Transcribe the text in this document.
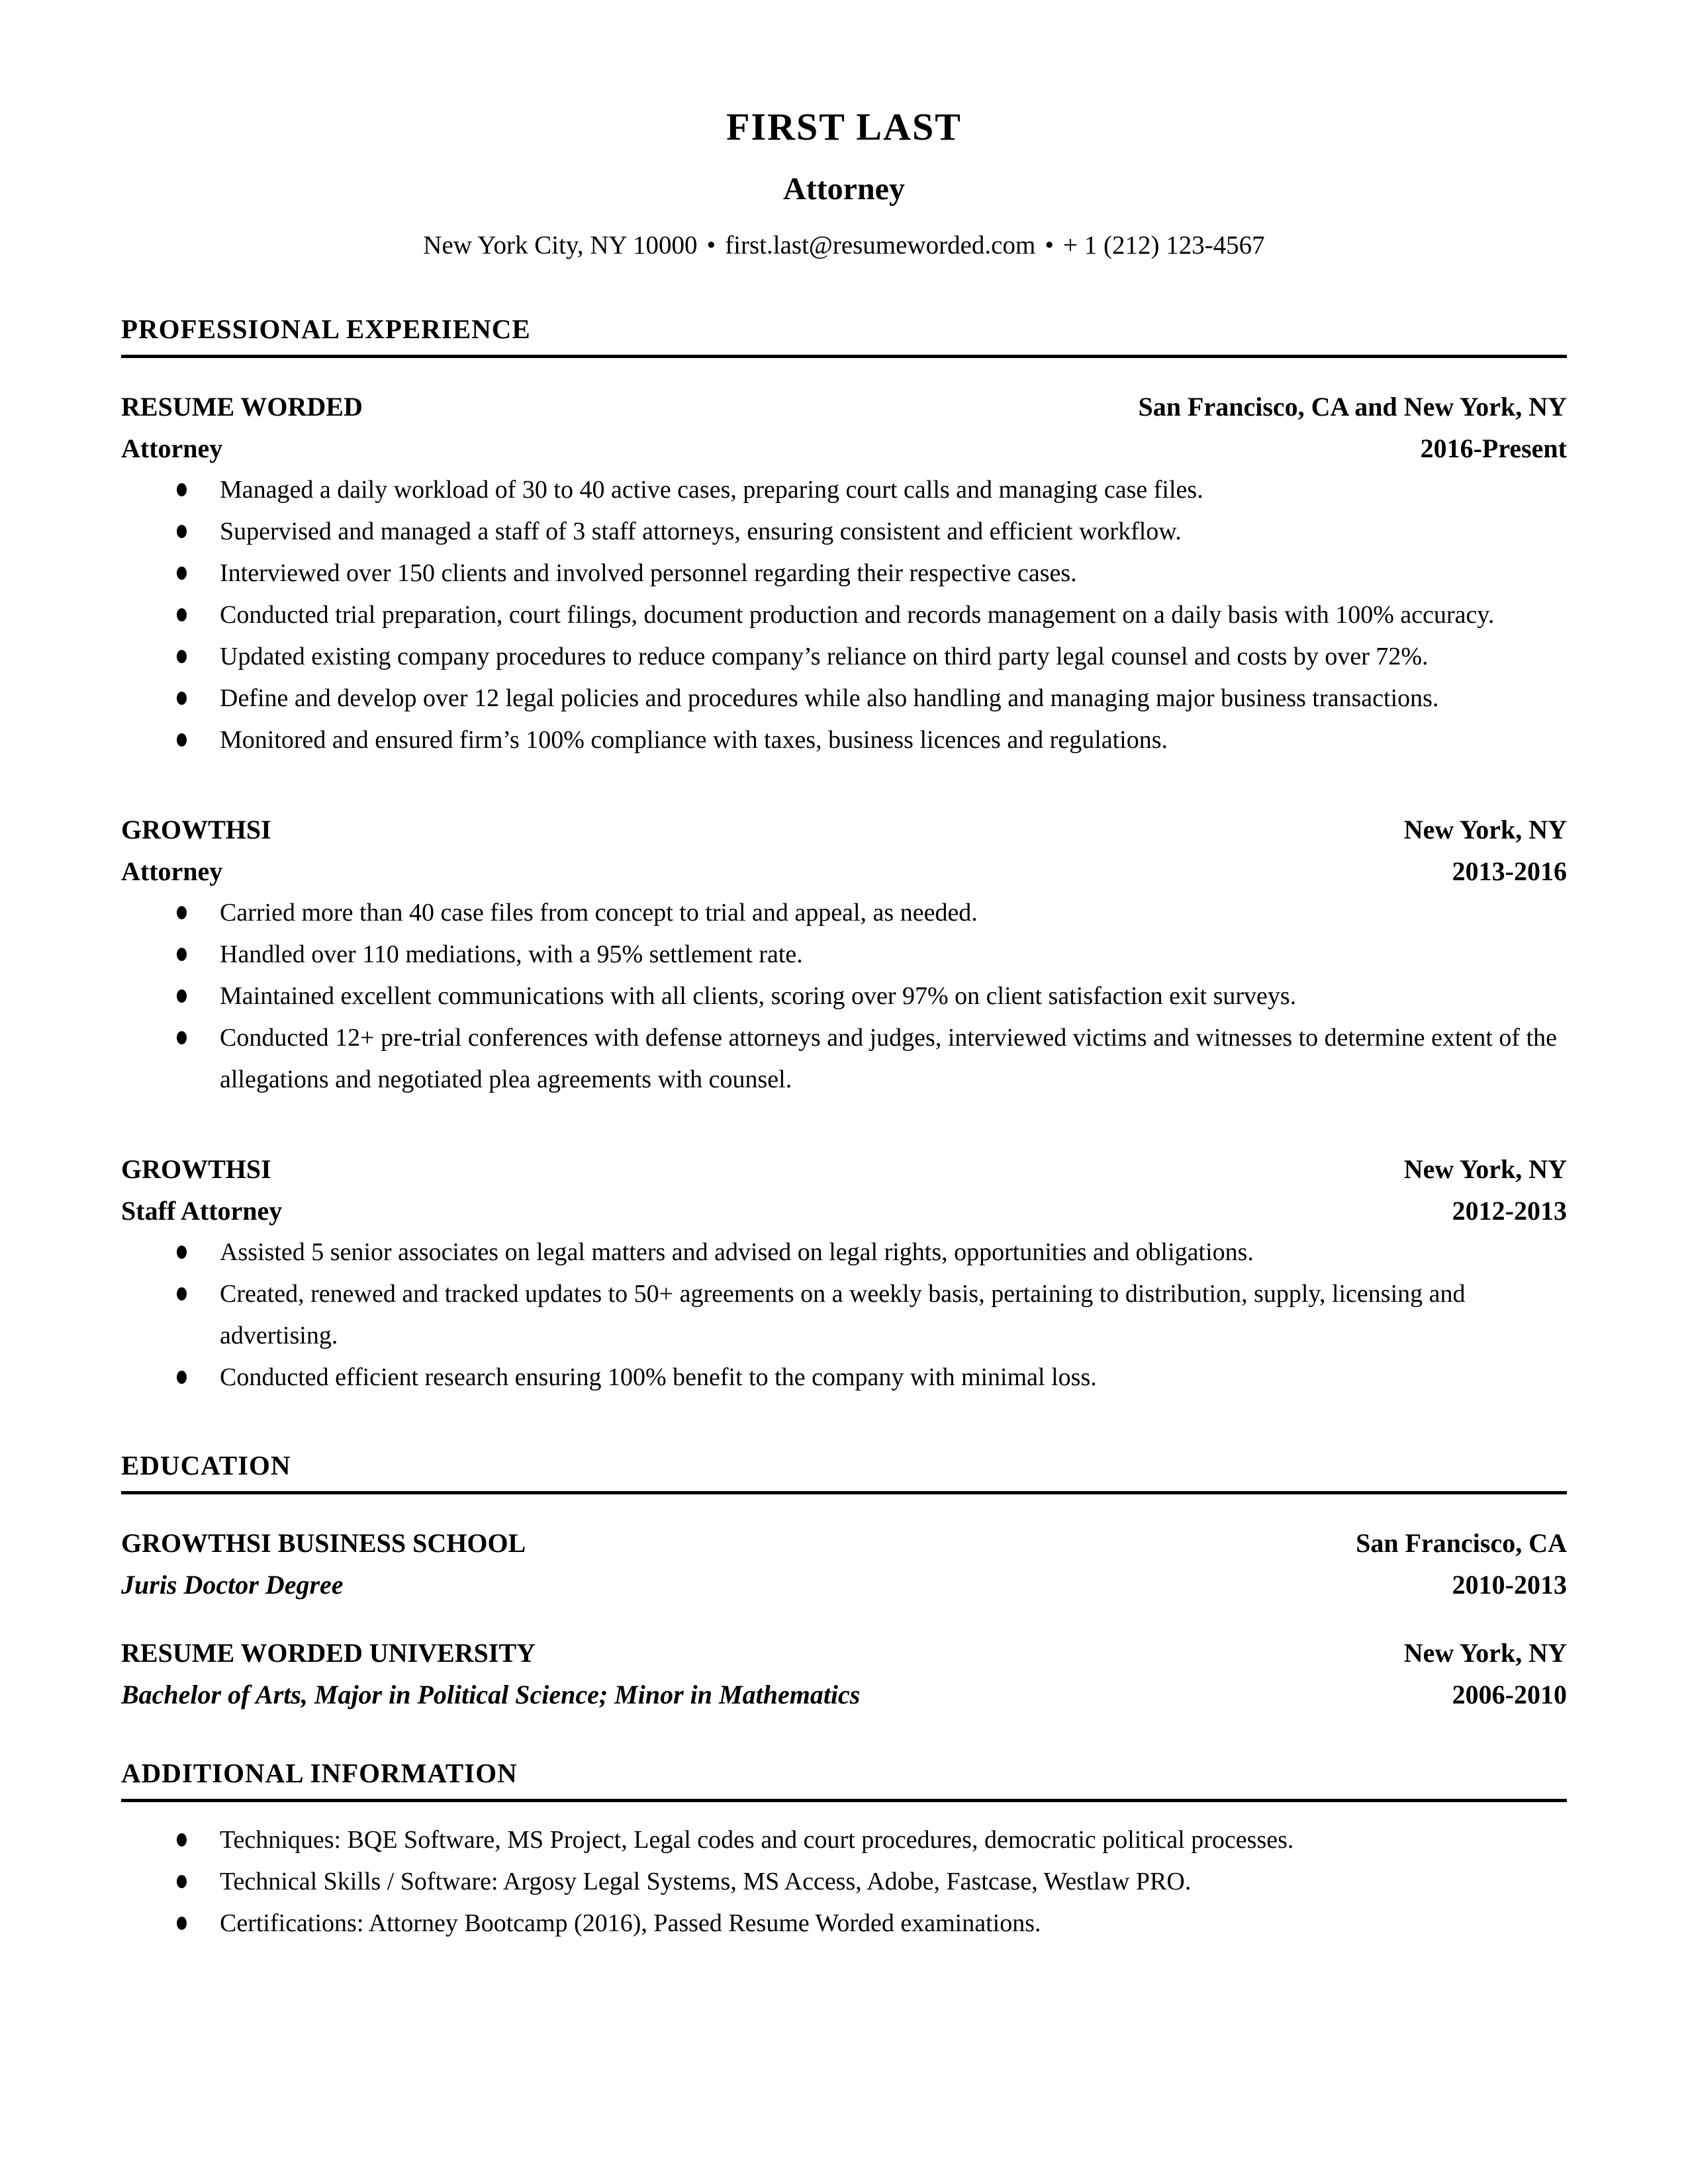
FIRST LAST
Attorney

New York City, NY 10000 • first.last@resumeworded.com • + 1 (212) 123-4567

PROFESSIONAL EXPERIENCE
RESUME WORDED	San Francisco, CA and New York, NY
Attorney	2016-Present
Managed a daily workload of 30 to 40 active cases, preparing court calls and managing case files.
Supervised and managed a staff of 3 staff attorneys, ensuring consistent and efficient workflow.
Interviewed over 150 clients and involved personnel regarding their respective cases.
Conducted trial preparation, court filings, document production and records management on a daily basis with 100% accuracy.
Updated existing company procedures to reduce company’s reliance on third party legal counsel and costs by over 72%.
Define and develop over 12 legal policies and procedures while also handling and managing major business transactions.
Monitored and ensured firm’s 100% compliance with taxes, business licences and regulations.
GROWTHSI	New York, NY
Attorney	2013-2016
Carried more than 40 case files from concept to trial and appeal, as needed.
Handled over 110 mediations, with a 95% settlement rate.
Maintained excellent communications with all clients, scoring over 97% on client satisfaction exit surveys.
Conducted 12+ pre-trial conferences with defense attorneys and judges, interviewed victims and witnesses to determine extent of the allegations and negotiated plea agreements with counsel.
GROWTHSI	New York, NY
Staff Attorney	2012-2013
Assisted 5 senior associates on legal matters and advised on legal rights, opportunities and obligations.
Created, renewed and tracked updates to 50+ agreements on a weekly basis, pertaining to distribution, supply, licensing and advertising.
Conducted efficient research ensuring 100% benefit to the company with minimal loss.
EDUCATION
GROWTHSI BUSINESS SCHOOL	San Francisco, CA
Juris Doctor Degree	2010-2013
RESUME WORDED UNIVERSITY	New York, NY
Bachelor of Arts, Major in Political Science; Minor in Mathematics	2006-2010
ADDITIONAL INFORMATION
Techniques: BQE Software, MS Project, Legal codes and court procedures, democratic political processes.
Technical Skills / Software: Argosy Legal Systems, MS Access, Adobe, Fastcase, Westlaw PRO.
Certifications: Attorney Bootcamp (2016), Passed Resume Worded examinations.
